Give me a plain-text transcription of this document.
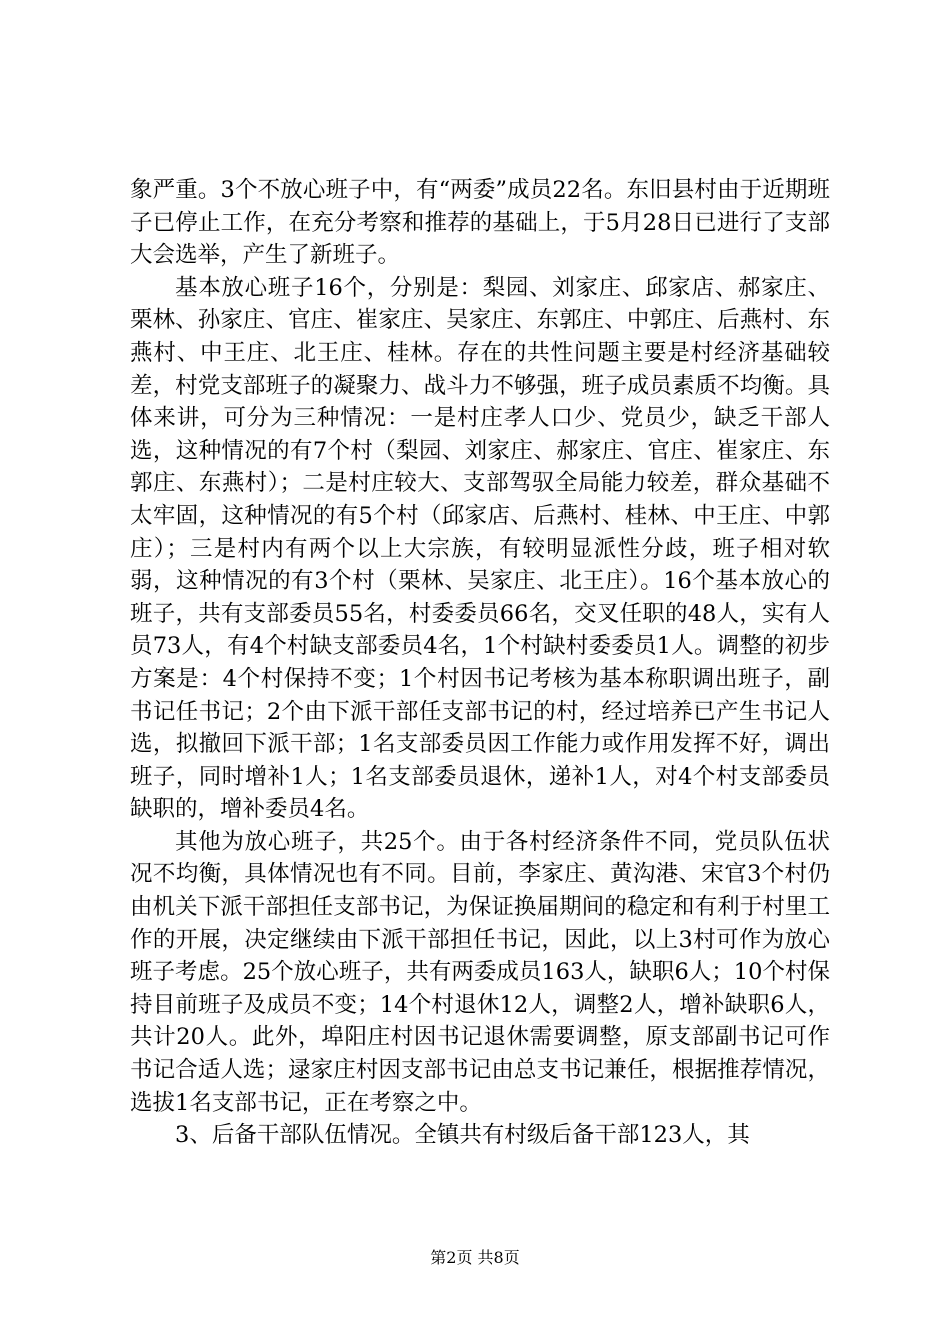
象严重。3个不放心班子中，有“两委”成员22名。东旧县村由于近期班子已停止工作，在充分考察和推荐的基础上，于5月28日已进行了支部大会选举，产生了新班子。

基本放心班子16个，分别是：梨园、刘家庄、邱家店、郝家庄、栗林、孙家庄、官庄、崔家庄、吴家庄、东郭庄、中郭庄、后燕村、东燕村、中王庄、北王庄、桂林。存在的共性问题主要是村经济基础较差，村党支部班子的凝聚力、战斗力不够强，班子成员素质不均衡。具体来讲，可分为三种情况：一是村庄孝人口少、党员少，缺乏干部人选，这种情况的有7个村（梨园、刘家庄、郝家庄、官庄、崔家庄、东郭庄、东燕村）；二是村庄较大、支部驾驭全局能力较差，群众基础不太牢固，这种情况的有5个村（邱家店、后燕村、桂林、中王庄、中郭庄）；三是村内有两个以上大宗族，有较明显派性分歧，班子相对软弱，这种情况的有3个村（栗林、吴家庄、北王庄）。16个基本放心的班子，共有支部委员55名，村委委员66名，交叉任职的48人，实有人员73人，有4个村缺支部委员4名，1个村缺村委委员1人。调整的初步方案是：4个村保持不变；1个村因书记考核为基本称职调出班子，副书记任书记；2个由下派干部任支部书记的村，经过培养已产生书记人选，拟撤回下派干部；1名支部委员因工作能力或作用发挥不好，调出班子，同时增补1人；1名支部委员退休，递补1人，对4个村支部委员缺职的，增补委员4名。

其他为放心班子，共25个。由于各村经济条件不同，党员队伍状况不均衡，具体情况也有不同。目前，李家庄、黄沟港、宋官3个村仍由机关下派干部担任支部书记，为保证换届期间的稳定和有利于村里工作的开展，决定继续由下派干部担任书记，因此，以上3村可作为放心班子考虑。25个放心班子，共有两委成员163人，缺职6人；10个村保持目前班子及成员不变；14个村退休12人，调整2人，增补缺职6人，共计20人。此外，埠阳庄村因书记退休需要调整，原支部副书记可作书记合适人选；逯家庄村因支部书记由总支书记兼任，根据推荐情况，选拔1名支部书记，正在考察之中。

3、后备干部队伍情况。全镇共有村级后备干部123人，其

第2页 共8页
